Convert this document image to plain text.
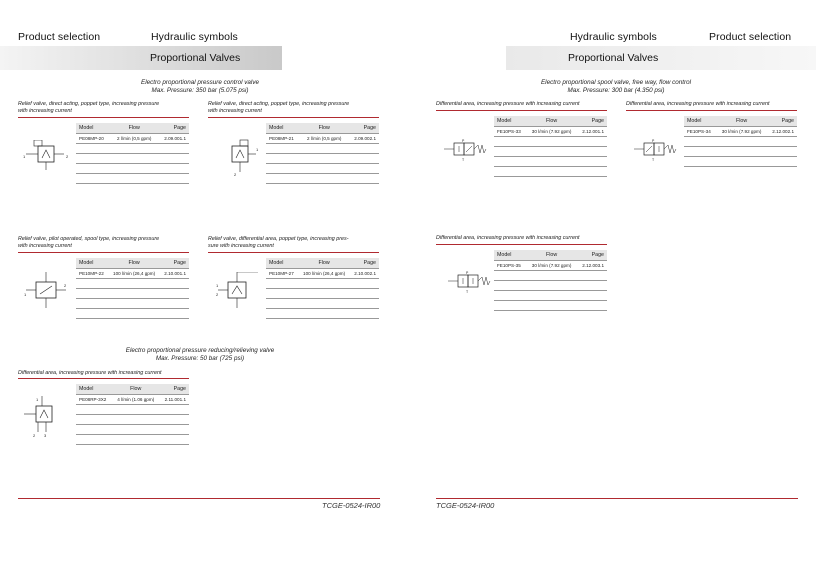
Product selection	Hydraulic symbols
Proportional Valves
Electro proportional pressure control valve
Max. Pressure: 350 bar (5.075 psi)
Relief valve, direct acting, poppet type, increasing pressure
with increasing current
1	2
Model	Flow	Page
PE08MP-20	2 l/min (0,5 gpm)	2.09.001.1

Relief valve, direct acting, poppet type, increasing pressure
with increasing current
1
2
Model	Flow	Page
PE08MP-21	2 l/min (0,5 gpm)	2.09.002.1

Relief valve, pilot operated, spool type, increasing pressure
with increasing current
1
2
Model	Flow	Page
PE10MP-22	100 l/min (26,4 gpm)	2.10.001.1

Relief valve, differential area, poppet type, increasing pres-
sure with increasing current
1
2
Model	Flow	Page
PE10MP-27	100 l/min (26,4 gpm)	2.10.002.1

Electro proportional pressure reducing/relieving valve
Max. Pressure: 50 bar (725 psi)
Differential area, increasing pressure with increasing current
1
2 3
Model	Flow	Page
PE08RP-3X2	4 l/min (1.06 gpm)	2.11.001.1

TCGE-0524-IR00
Hydraulic symbols	Product selection
Proportional Valves
Electro proportional spool valve, free way, flow control
Max. Pressure: 300 bar (4.350 psi)
Differential area, increasing pressure with increasing current
P
T
Model	Flow	Page
FE10PS-33	30 l/min (7.92 gpm)	2.12.001.1

Differential area, increasing pressure with increasing current
P
T
Model	Flow	Page
FE10PS-34	30 l/min (7.92 gpm)	2.12.002.1

Differential area, increasing pressure with increasing current
P
T
Model	Flow	Page
FE10PS-35	30 l/min (7.92 gpm)	2.12.003.1

TCGE-0524-IR00
